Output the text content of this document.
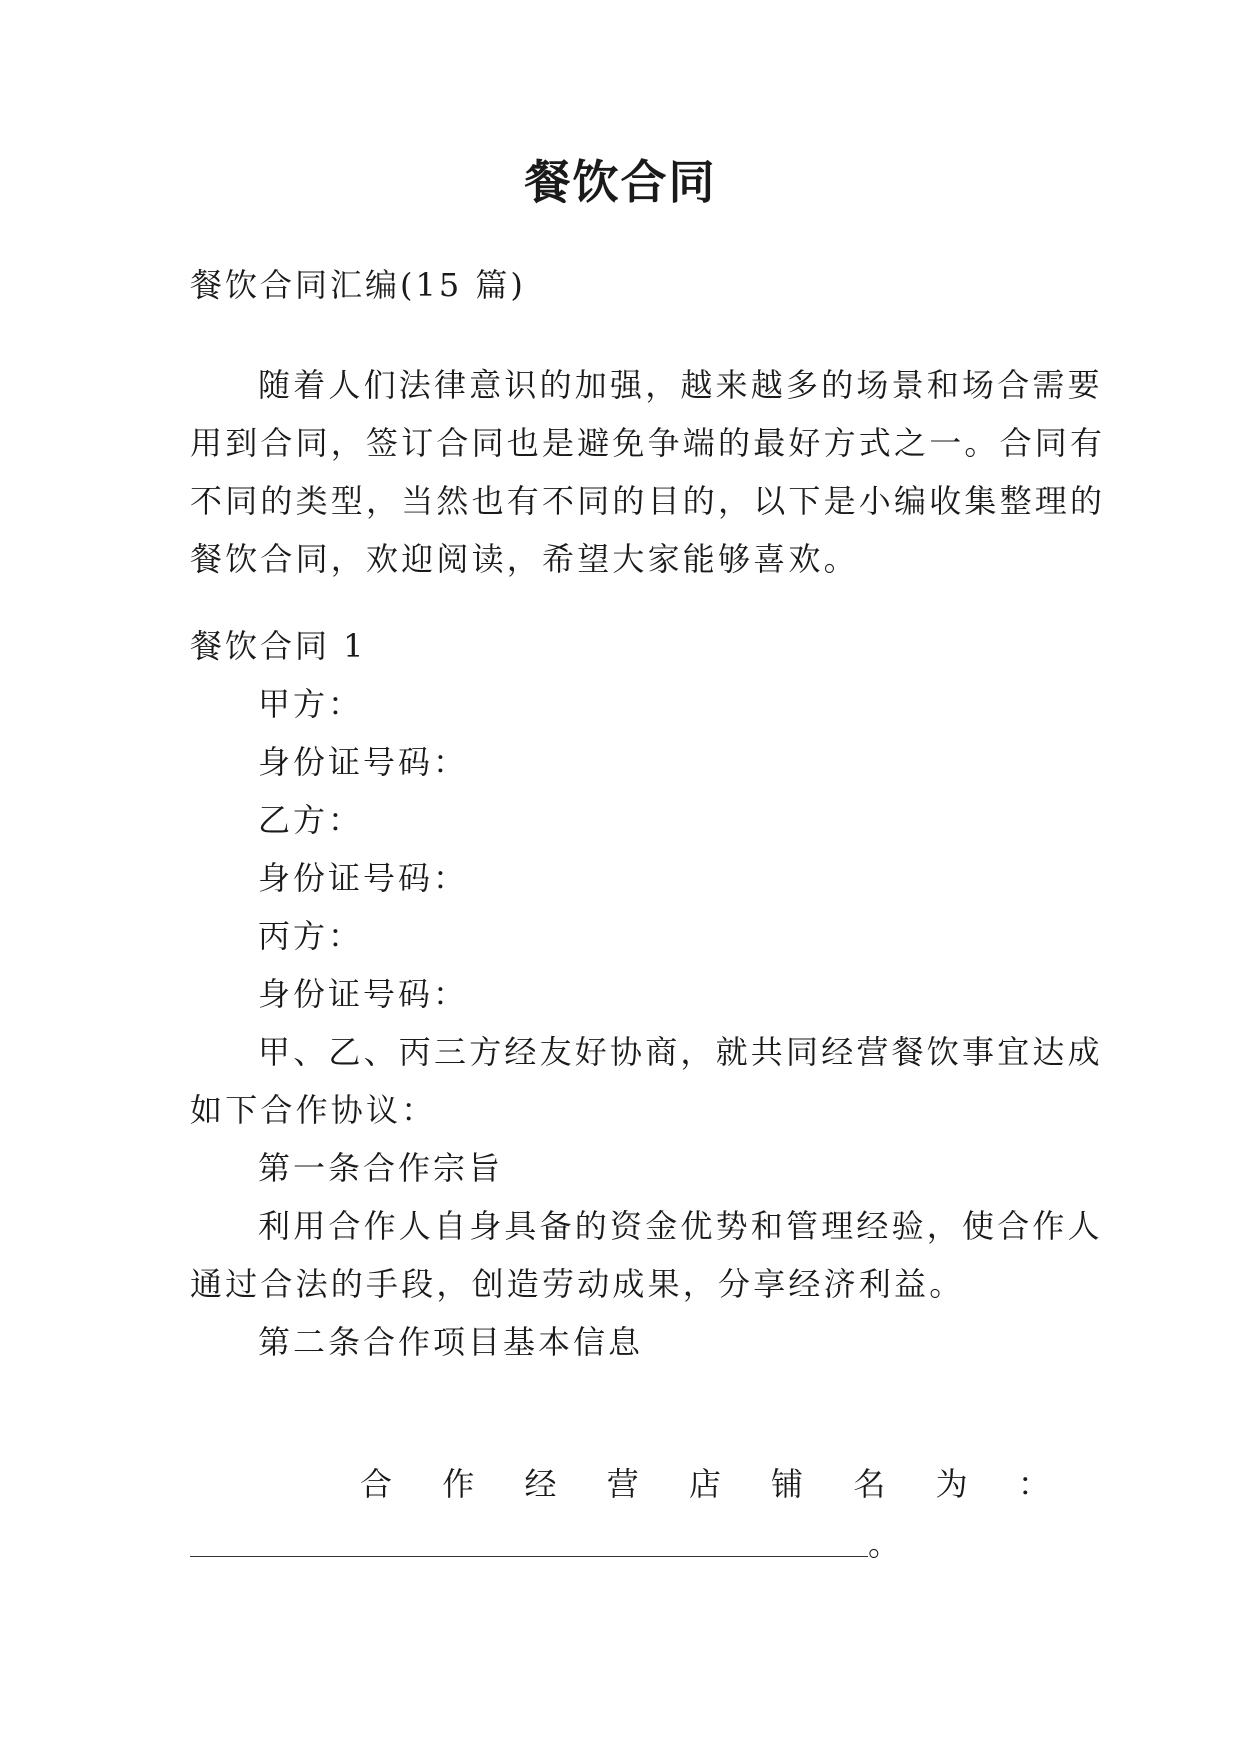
餐饮合同

餐饮合同汇编(15 篇)

随着人们法律意识的加强，越来越多的场景和场合需要
用到合同，签订合同也是避免争端的最好方式之一。合同有
不同的类型，当然也有不同的目的，以下是小编收集整理的
餐饮合同，欢迎阅读，希望大家能够喜欢。

餐饮合同 1

甲方：

身份证号码：

乙方：

身份证号码：

丙方：

身份证号码：

甲、乙、丙三方经友好协商，就共同经营餐饮事宜达成
如下合作协议：

第一条合作宗旨

利用合作人自身具备的资金优势和管理经验，使合作人
通过合法的手段，创造劳动成果，分享经济利益。

第二条合作项目基本信息

合 作 经 营 店 铺 名 为 ：
。
